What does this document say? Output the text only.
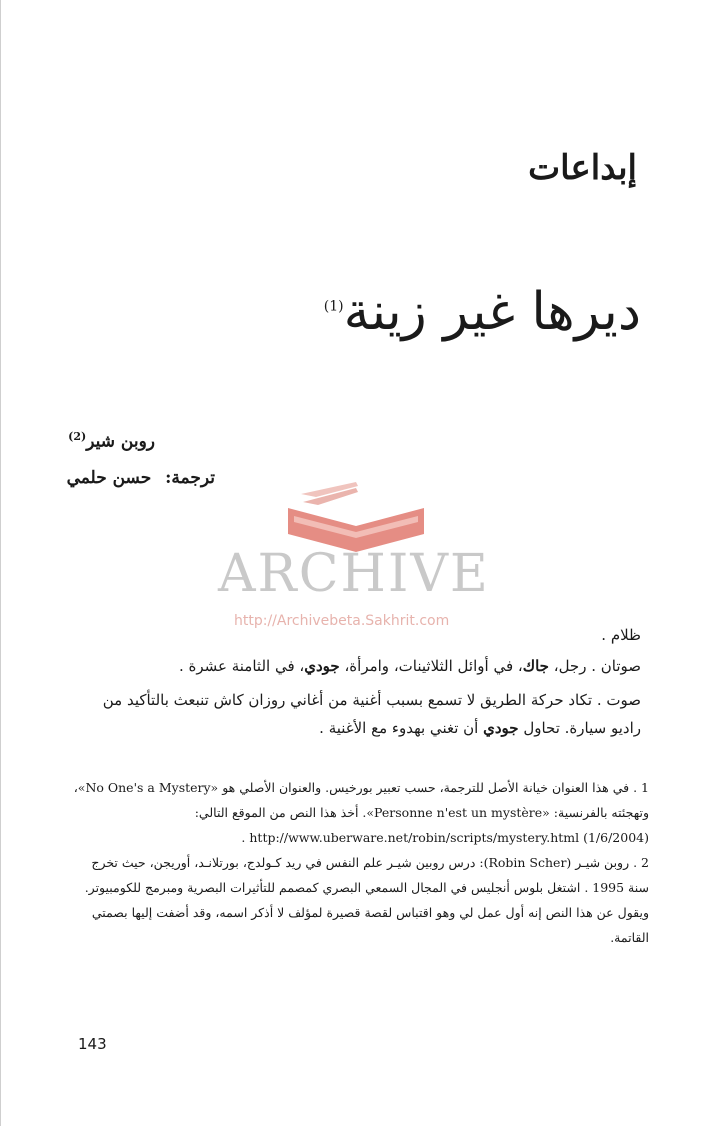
إبداعات
ديرها غير زينة$^{(1)}$
روبن شير$^{(2)}$
ترجمة: حسن حلمي
ARCHIVE
http://Archivebeta.Sakhrit.com
ظلام .
صوتان . رجل، جاك، في أوائل الثلاثينات، وامرأة، جودي، في الثامنة عشرة .
صوت . تكاد حركة الطريق لا تسمع بسبب أغنية من أغاني روزان كاش تنبعث بالتأكيد من راديو سيارة. تحاول جودي أن تغني بهدوء مع الأغنية .
1 . في هذا العنوان خيانة الأصل للترجمة، حسب تعبير بورخيس. والعنوان الأصلي هو «No One's a Mystery»، وتهجئته بالفرنسية: «Personne n'est un mystère». أخذ هذا النص من الموقع التالي:
http://www.uberware.net/robin/scripts/mystery.html (1/6/2004) .
2 . روبن شيـر (Robin Scher): درس روبين شيـر علم النفس في ريد كـولدج، بورتلانـد، أوريجن، حيث تخرج سنة 1995 . اشتغل بلوس أنجليس في المجال السمعي البصري كمصمم للتأثيرات البصرية ومبرمج للكومبيوتر. ويقول عن هذا النص إنه أول عمل لي وهو اقتباس لقصة قصيرة لمؤلف لا أذكر اسمه، وقد أضفت إليها بصمتي القاتمة.
143
